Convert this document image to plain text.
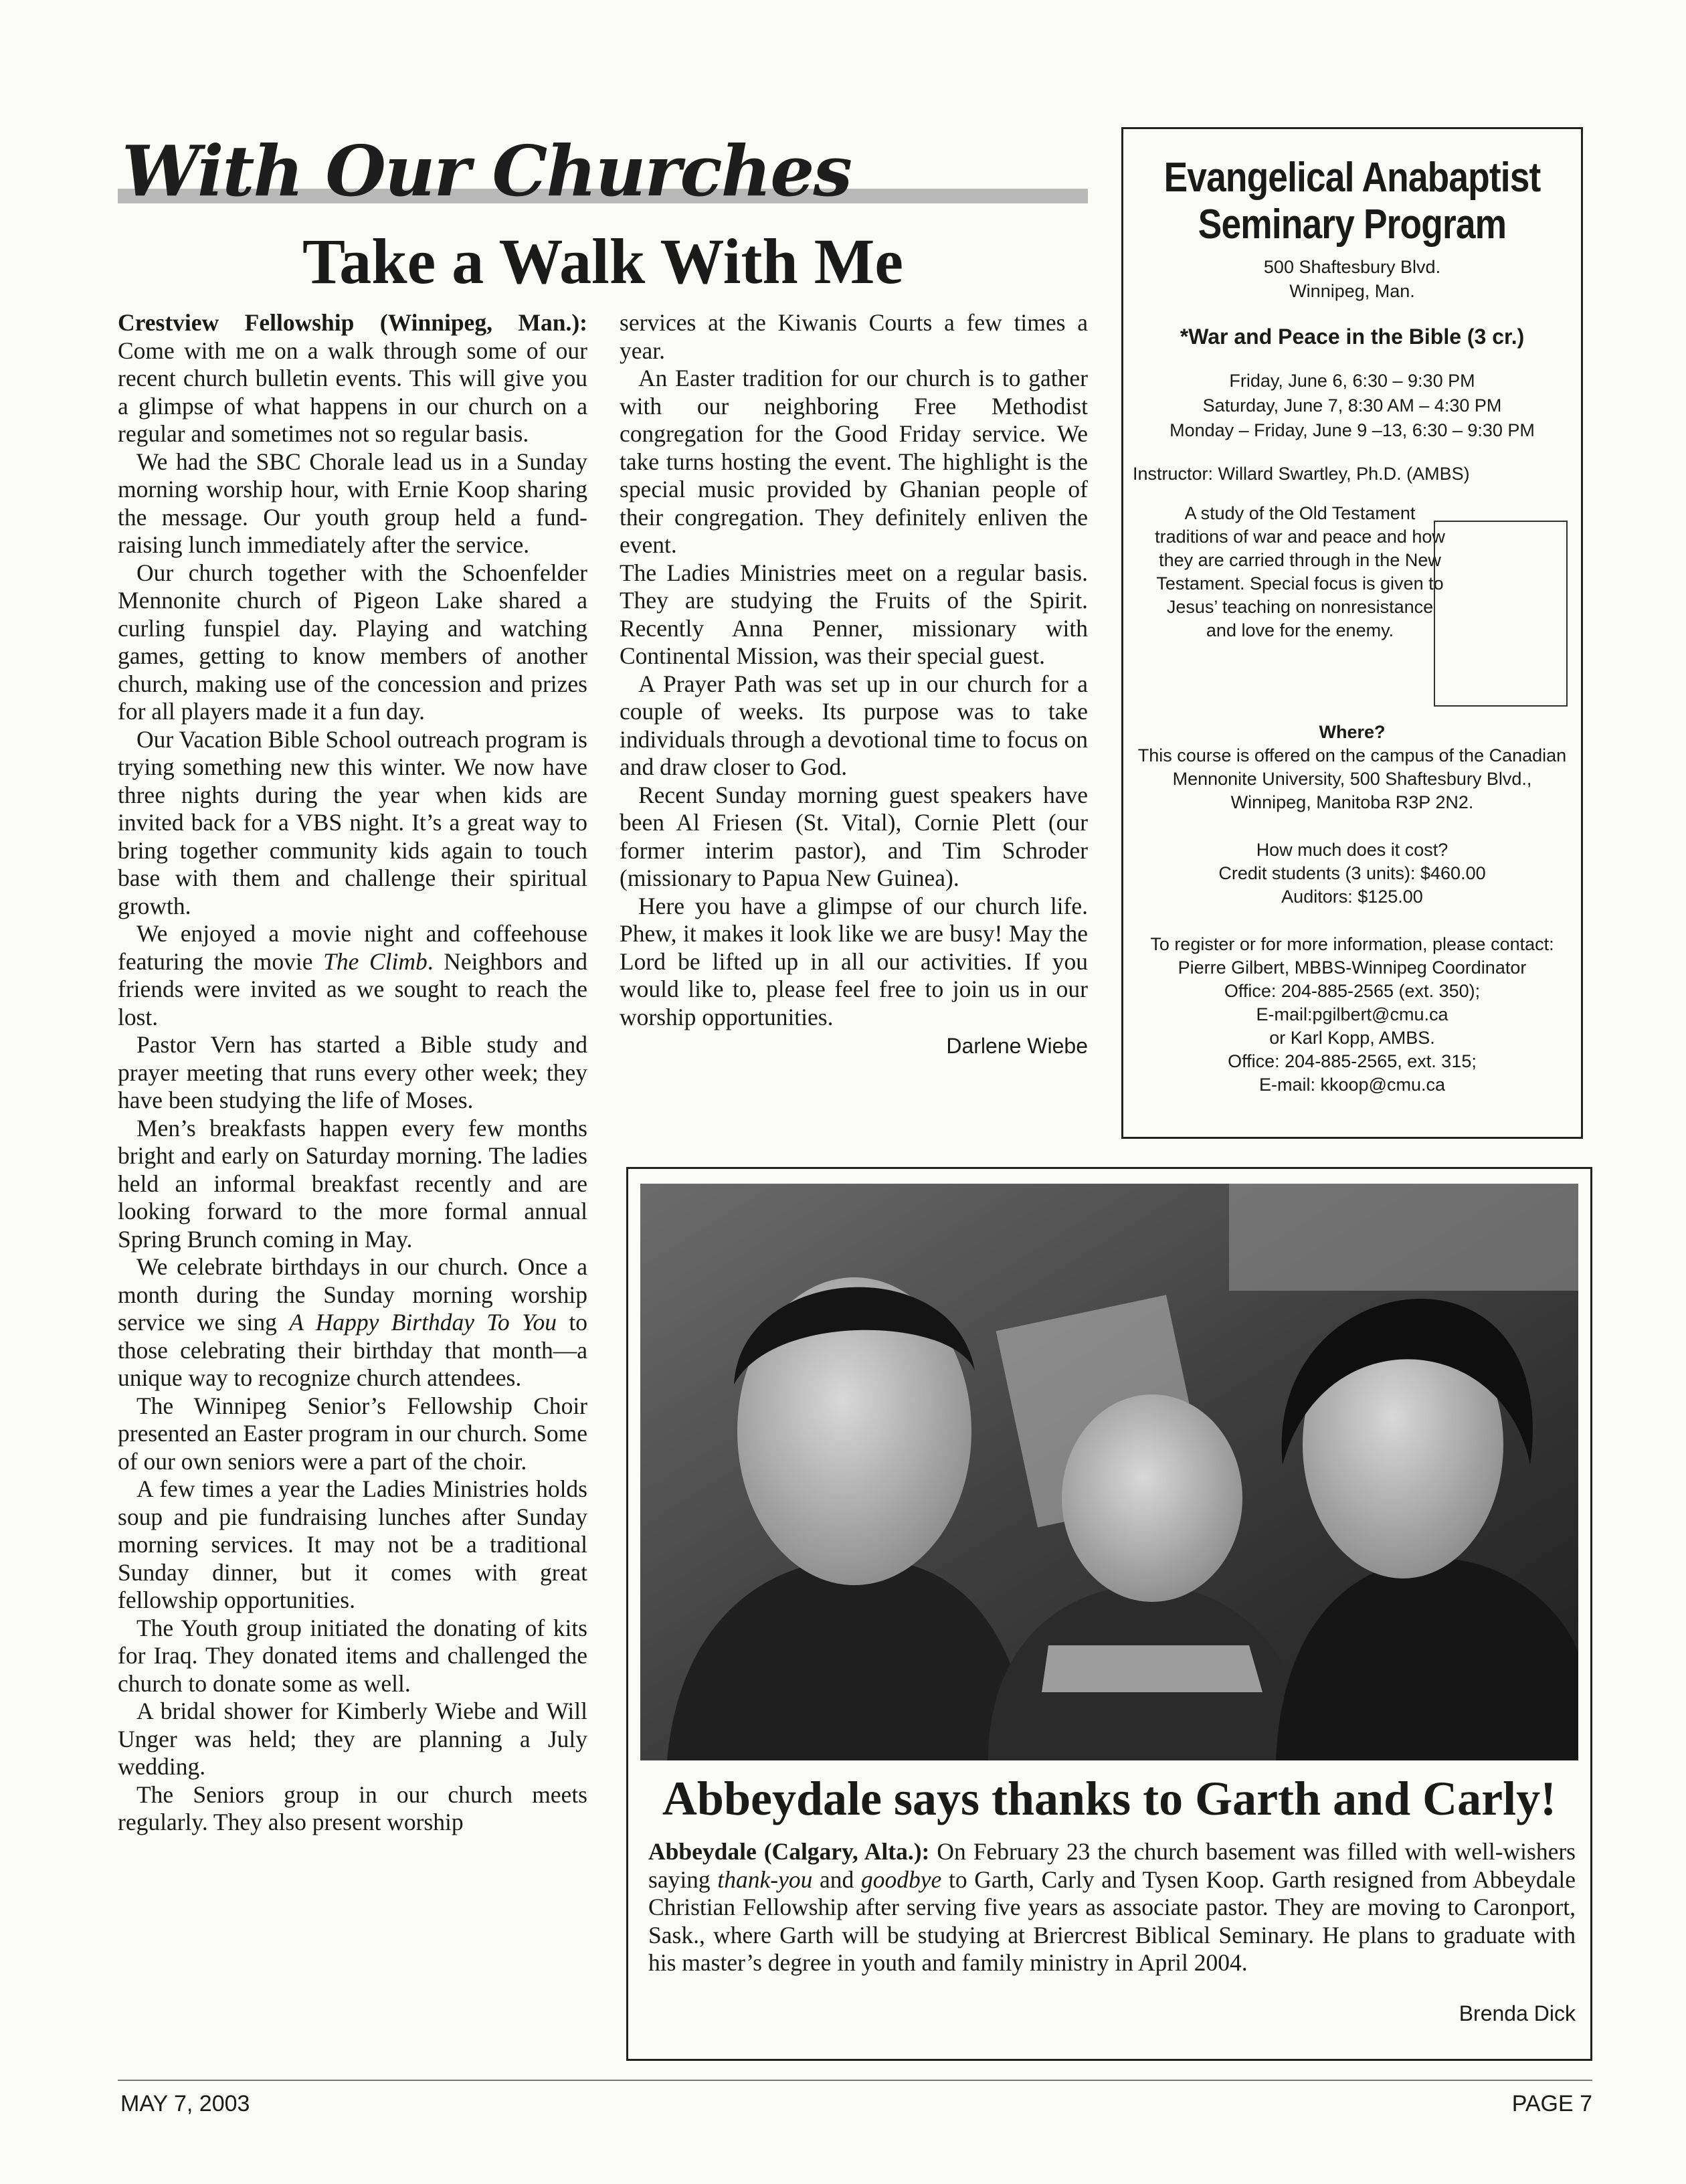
With Our Churches
Take a Walk With Me

Crestview Fellowship (Winnipeg, Man.): Come with me on a walk through some of our recent church bulletin events. This will give you a glimpse of what happens in our church on a regular and sometimes not so regular basis.

We had the SBC Chorale lead us in a Sunday morning worship hour, with Ernie Koop sharing the message. Our youth group held a fund-raising lunch immediately after the service.

Our church together with the Schoenfelder Mennonite church of Pigeon Lake shared a curling funspiel day. Playing and watching games, getting to know members of another church, making use of the concession and prizes for all players made it a fun day.

Our Vacation Bible School outreach program is trying something new this winter. We now have three nights during the year when kids are invited back for a VBS night. It’s a great way to bring together community kids again to touch base with them and challenge their spiritual growth.

We enjoyed a movie night and coffeehouse featuring the movie The Climb. Neighbors and friends were invited as we sought to reach the lost.

Pastor Vern has started a Bible study and prayer meeting that runs every other week; they have been studying the life of Moses.

Men’s breakfasts happen every few months bright and early on Saturday morning. The ladies held an informal breakfast recently and are looking forward to the more formal annual Spring Brunch coming in May.

We celebrate birthdays in our church. Once a month during the Sunday morning worship service we sing A Happy Birthday To You to those celebrating their birthday that month—a unique way to recognize church attendees.

The Winnipeg Senior’s Fellowship Choir presented an Easter program in our church. Some of our own seniors were a part of the choir.

A few times a year the Ladies Ministries holds soup and pie fundraising lunches after Sunday morning services. It may not be a traditional Sunday dinner, but it comes with great fellowship opportunities.

The Youth group initiated the donating of kits for Iraq. They donated items and challenged the church to donate some as well.

A bridal shower for Kimberly Wiebe and Will Unger was held; they are planning a July wedding.

The Seniors group in our church meets regularly. They also present worship

services at the Kiwanis Courts a few times a year.

An Easter tradition for our church is to gather with our neighboring Free Methodist congregation for the Good Friday service. We take turns hosting the event. The highlight is the special music provided by Ghanian people of their congregation. They definitely enliven the event.

The Ladies Ministries meet on a regular basis. They are studying the Fruits of the Spirit. Recently Anna Penner, missionary with Continental Mission, was their special guest.

A Prayer Path was set up in our church for a couple of weeks. Its purpose was to take individuals through a devotional time to focus on and draw closer to God.

Recent Sunday morning guest speakers have been Al Friesen (St. Vital), Cornie Plett (our former interim pastor), and Tim Schroder (missionary to Papua New Guinea).

Here you have a glimpse of our church life. Phew, it makes it look like we are busy! May the Lord be lifted up in all our activities. If you would like to, please feel free to join us in our worship opportunities.

Darlene Wiebe

Evangelical Anabaptist
Seminary Program
500 Shaftesbury Blvd.
Winnipeg, Man.
*War and Peace in the Bible (3 cr.)
Friday, June 6, 6:30 – 9:30 PM
Saturday, June 7, 8:30 AM – 4:30 PM
Monday – Friday, June 9 –13, 6:30 – 9:30 PM
Instructor: Willard Swartley, Ph.D. (AMBS)
A study of the Old Testament traditions of war and peace and how they are carried through in the New Testament. Special focus is given to Jesus’ teaching on nonresistance and love for the enemy.
Where?
This course is offered on the campus of the Canadian Mennonite University, 500 Shaftesbury Blvd., Winnipeg, Manitoba R3P 2N2.
How much does it cost?
Credit students (3 units): $460.00
Auditors: $125.00
To register or for more information, please contact:
Pierre Gilbert, MBBS-Winnipeg Coordinator
Office: 204-885-2565 (ext. 350);
E-mail:pgilbert@cmu.ca
or Karl Kopp, AMBS.
Office: 204-885-2565, ext. 315;
E-mail: kkoop@cmu.ca
Abbeydale says thanks to Garth and Carly!
Abbeydale (Calgary, Alta.): On February 23 the church basement was filled with well-wishers saying thank-you and goodbye to Garth, Carly and Tysen Koop. Garth resigned from Abbeydale Christian Fellowship after serving five years as associate pastor. They are moving to Caronport, Sask., where Garth will be studying at Briercrest Biblical Seminary. He plans to graduate with his master’s degree in youth and family ministry in April 2004.
Brenda Dick
MAY 7, 2003	PAGE 7
